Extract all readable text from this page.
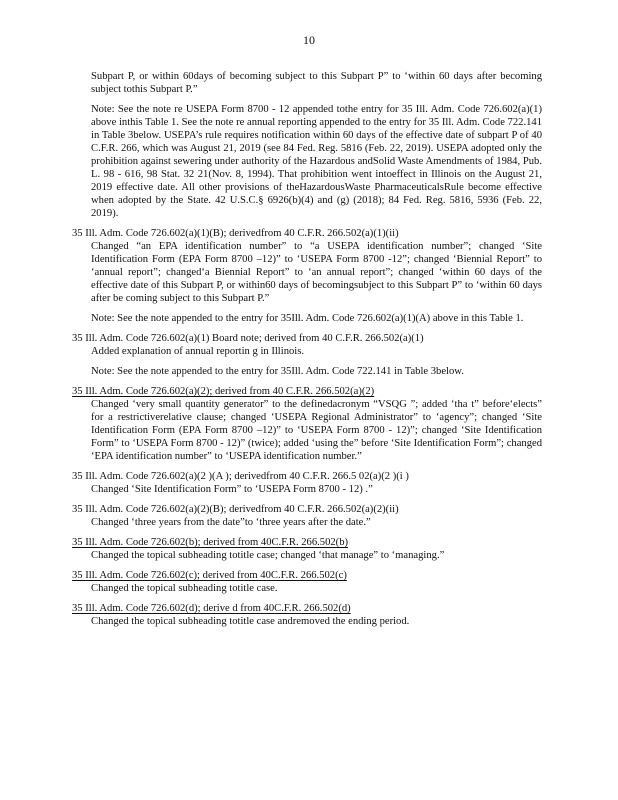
10

Subpart P, or within 60days of becoming subject to this Subpart P” to ‘within 60 days after becoming subject tothis Subpart P.”

Note: See the note re USEPA Form 8700 - 12 appended tothe entry for 35 Ill. Adm. Code 726.602(a)(1) above inthis Table 1. See the note re annual reporting appended to the entry for 35 Ill. Adm. Code 722.141 in Table 3below. USEPA’s rule requires notification within 60 days of the effective date of subpart P of 40 C.F.R. 266, which was August 21, 2019 (see 84 Fed. Reg. 5816 (Feb. 22, 2019). USEPA adopted only the prohibition against sewering under authority of the Hazardous andSolid Waste Amendments of 1984, Pub. L. 98 - 616, 98 Stat. 32 21(Nov. 8, 1994). That prohibition went intoeffect in Illinois on the August 21, 2019 effective date. All other provisions of theHazardousWaste PharmaceuticalsRule become effective when adopted by the State. 42 U.S.C.§ 6926(b)(4) and (g) (2018); 84 Fed. Reg. 5816, 5936 (Feb. 22, 2019).

35 Ill. Adm. Code 726.602(a)(1)(B); derivedfrom 40 C.F.R. 266.502(a)(1)(ii)
Changed “an EPA identification number” to “a USEPA identification number”; changed ‘Site Identification Form (EPA Form 8700 –12)” to ‘USEPA Form 8700 -12”; changed ‘Biennial Report” to ‘annual report”; changed‘a Biennial Report” to ‘an annual report”; changed ‘within 60 days of the effective date of this Subpart P, or within60 days of becomingsubject to this Subpart P” to ‘within 60 days after be coming subject to this Subpart P.”

Note: See the note appended to the entry for 35Ill. Adm. Code 726.602(a)(1)(A) above in this Table 1.

35 Ill. Adm. Code 726.602(a)(1) Board note; derived from 40 C.F.R. 266.502(a)(1)
Added explanation of annual reportin g in Illinois.

Note: See the note appended to the entry for 35Ill. Adm. Code 722.141 in Table 3below.

35 Ill. Adm. Code 726.602(a)(2); derived from 40 C.F.R. 266.502(a)(2)
Changed ‘very small quantity generator” to the definedacronym “VSQG ”; added ‘tha t” before‘elects” for a restrictiverelative clause; changed ‘USEPA Regional Administrator” to ‘agency”; changed ‘Site Identification Form (EPA Form 8700 –12)” to ‘USEPA Form 8700 - 12)”; changed ‘Site Identification Form” to ‘USEPA Form 8700 - 12)” (twice); added ‘using the” before ‘Site Identification Form”; changed ‘EPA identification number” to ‘USEPA identification number.”
35 Ill. Adm. Code 726.602(a)(2 )(A ); derivedfrom 40 C.F.R. 266.5 02(a)(2 )(i )
Changed ‘Site Identification Form” to ‘USEPA Form 8700 - 12) .”
35 Ill. Adm. Code 726.602(a)(2)(B); derivedfrom 40 C.F.R. 266.502(a)(2)(ii)
Changed ‘three years from the date”to ‘three years after the date.”
35 Ill. Adm. Code 726.602(b); derived from 40C.F.R. 266.502(b)
Changed the topical subheading totitle case; changed ‘that manage” to ‘managing.”
35 Ill. Adm. Code 726.602(c); derived from 40C.F.R. 266.502(c)
Changed the topical subheading totitle case.
35 Ill. Adm. Code 726.602(d); derive d from 40C.F.R. 266.502(d)
Changed the topical subheading totitle case andremoved the ending period.
